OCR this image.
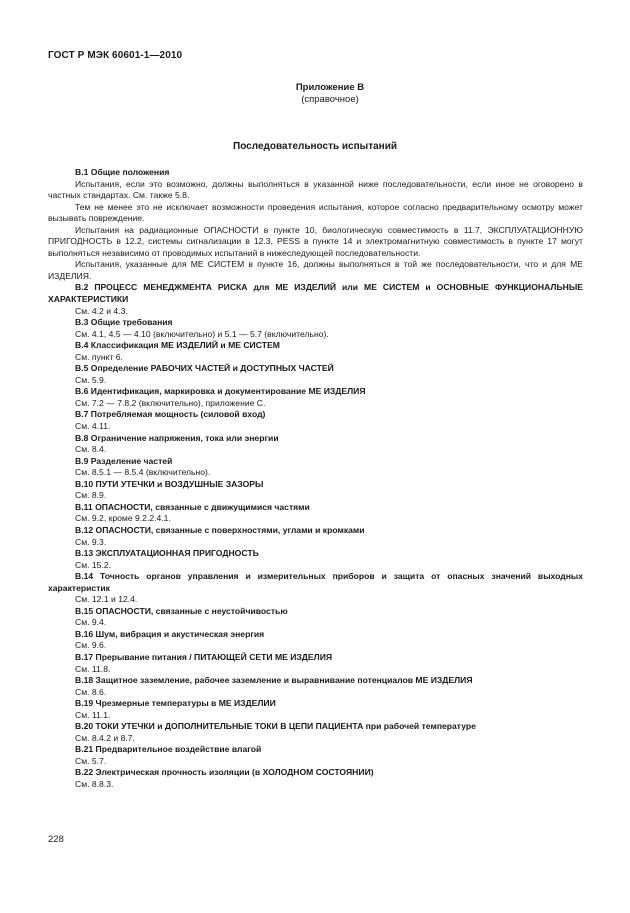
ГОСТ Р МЭК 60601-1—2010
Приложение В
(справочное)
Последовательность испытаний

В.1 Общие положения

Испытания, если это возможно, должны выполняться в указанной ниже последовательности, если иное не оговорено в частных стандартах. См. также 5.8.

Тем не менее это не исключает возможности проведения испытания, которое согласно предварительному осмотру может вызывать повреждение.

Испытания на радиационные ОПАСНОСТИ в пункте 10, биологическую совместимость в 11.7, ЭКСПЛУАТАЦИОННУЮ ПРИГОДНОСТЬ в 12.2, системы сигнализации в 12.3, PESS в пункте 14 и электромагнитную совместимость в пункте 17 могут выполняться независимо от проводимых испытаний в нижеследующей последовательности.

Испытания, указанные для МЕ СИСТЕМ в пункте 16, должны выполняться в той же последовательности, что и для МЕ ИЗДЕЛИЯ.

В.2 ПРОЦЕСС МЕНЕДЖМЕНТА РИСКА для МЕ ИЗДЕЛИЙ или МЕ СИСТЕМ и ОСНОВНЫЕ ФУНКЦИОНАЛЬНЫЕ ХАРАКТЕРИСТИКИ

См. 4.2 и 4.3.

В.3 Общие требования

См. 4.1, 4.5 — 4.10 (включительно) и 5.1 — 5.7 (включительно).

В.4 Классификация МЕ ИЗДЕЛИЙ и МЕ СИСТЕМ

См. пункт 6.

В.5 Определение РАБОЧИХ ЧАСТЕЙ и ДОСТУПНЫХ ЧАСТЕЙ

См. 5.9.

В.6 Идентификация, маркировка и документирование МЕ ИЗДЕЛИЯ

См. 7.2 — 7.8.2 (включительно), приложение С.

В.7 Потребляемая мощность (силовой вход)

См. 4.11.

В.8 Ограничение напряжения, тока или энергии

См. 8.4.

В.9 Разделение частей

См. 8.5.1 — 8.5.4 (включительно).

В.10 ПУТИ УТЕЧКИ и ВОЗДУШНЫЕ ЗАЗОРЫ

См. 8.9.

В.11 ОПАСНОСТИ, связанные с движущимися частями

См. 9.2, кроме 9.2.2.4.1.

В.12 ОПАСНОСТИ, связанные с поверхностями, углами и кромками

См. 9.3.

В.13 ЭКСПЛУАТАЦИОННАЯ ПРИГОДНОСТЬ

См. 15.2.

В.14 Точность органов управления и измерительных приборов и защита от опасных значений выходных характеристик

См. 12.1 и 12.4.

В.15 ОПАСНОСТИ, связанные с неустойчивостью

См. 9.4.

В.16 Шум, вибрация и акустическая энергия

См. 9.6.

В.17 Прерывание питания / ПИТАЮЩЕЙ СЕТИ МЕ ИЗДЕЛИЯ

См. 11.8.

В.18 Защитное заземление, рабочее заземление и выравнивание потенциалов МЕ ИЗДЕЛИЯ

См. 8.6.

В.19 Чрезмерные температуры в МЕ ИЗДЕЛИИ

См. 11.1.

В.20 ТОКИ УТЕЧКИ и ДОПОЛНИТЕЛЬНЫЕ ТОКИ В ЦЕПИ ПАЦИЕНТА при рабочей температуре

См. 8.4.2 и 8.7.

В.21 Предварительное воздействие влагой

См. 5.7.

В.22 Электрическая прочность изоляции (в ХОЛОДНОМ СОСТОЯНИИ)

См. 8.8.3.

228
